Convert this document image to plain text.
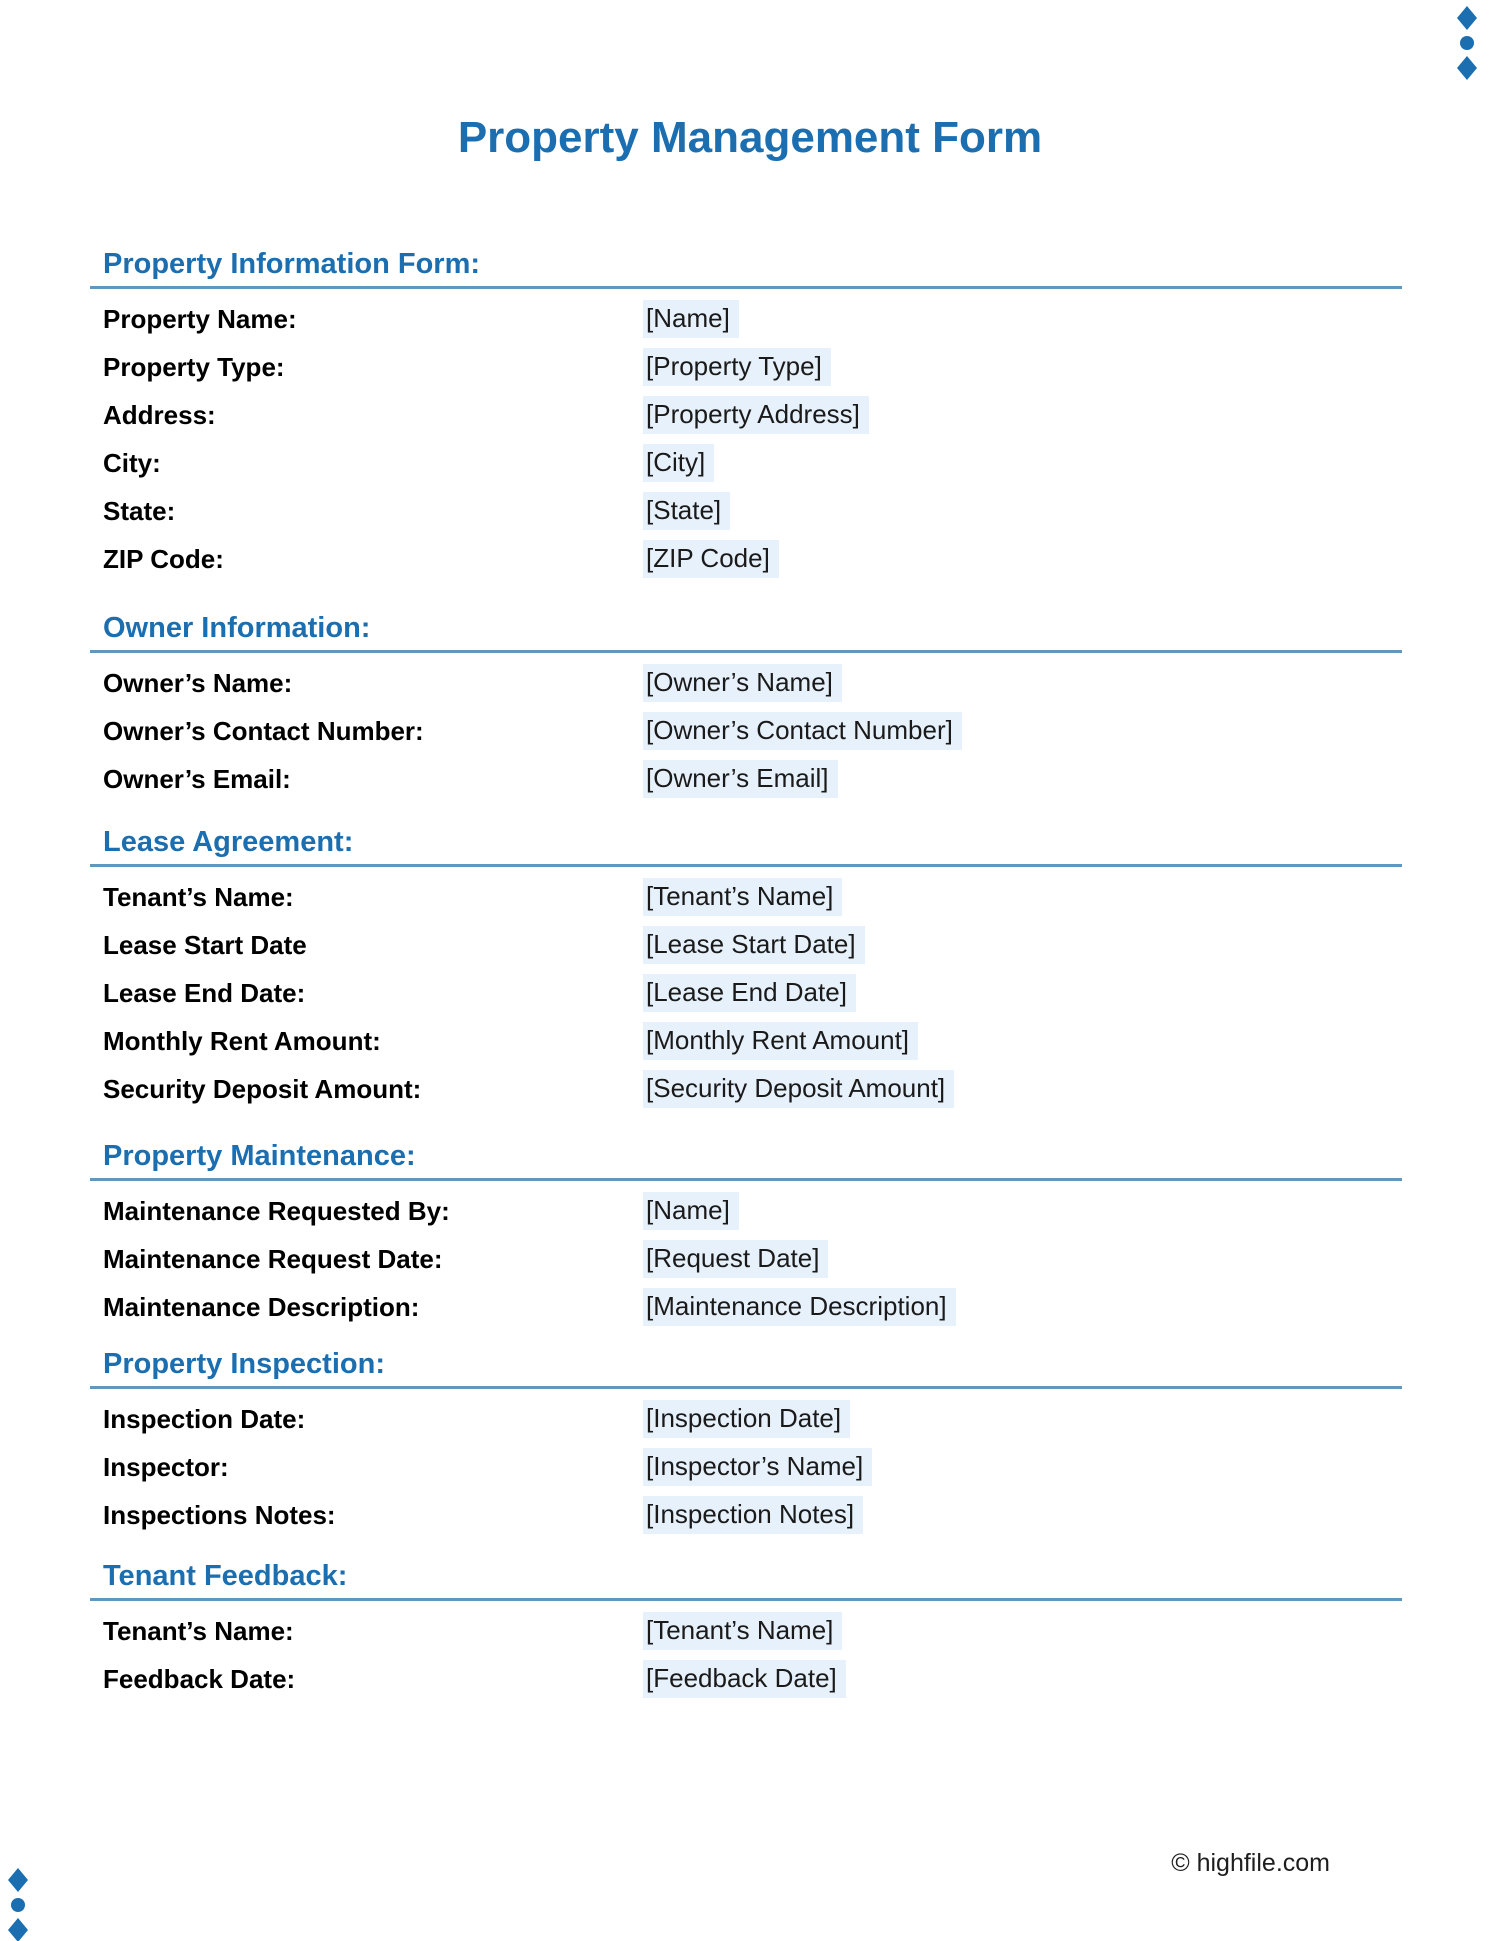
Property Management Form
Property Information Form:
Property Name:	[Name]
Property Type:	[Property Type]
Address:	[Property Address]
City:	[City]
State:	[State]
ZIP Code:	[ZIP Code]
Owner Information:
Owner’s Name:	[Owner’s Name]
Owner’s Contact Number:	[Owner’s Contact Number]
Owner’s Email:	[Owner’s Email]
Lease Agreement:
Tenant’s Name:	[Tenant’s Name]
Lease Start Date	[Lease Start Date]
Lease End Date:	[Lease End Date]
Monthly Rent Amount:	[Monthly Rent Amount]
Security Deposit Amount:	[Security Deposit Amount]
Property Maintenance:
Maintenance Requested By:	[Name]
Maintenance Request Date:	[Request Date]
Maintenance Description:	[Maintenance Description]
Property Inspection:
Inspection Date:	[Inspection Date]
Inspector:	[Inspector’s Name]
Inspections Notes:	[Inspection Notes]
Tenant Feedback:
Tenant’s Name:	[Tenant’s Name]
Feedback Date:	[Feedback Date]
© highfile.com
